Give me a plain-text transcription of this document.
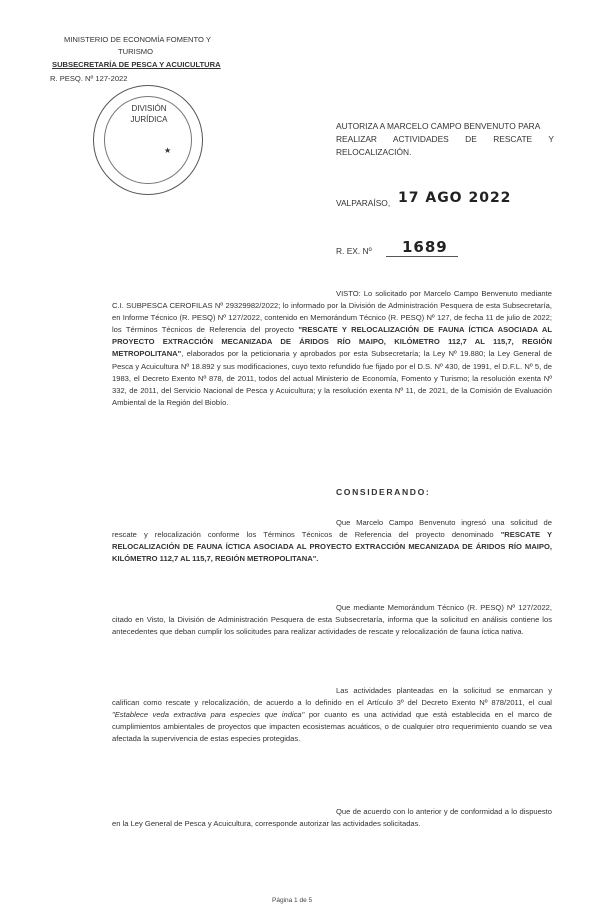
MINISTERIO DE ECONOMÍA FOMENTO Y
TURISMO
SUBSECRETARÍA DE PESCA Y ACUICULTURA
R. PESQ. Nº 127-2022
DIVISIÓN
JURÍDICA
★
AUTORIZA A MARCELO CAMPO BENVENUTO PARA
REALIZAR ACTIVIDADES DE RESCATE Y
RELOCALIZACIÓN.
VALPARAÍSO, 17 AGO 2022
R. EX. Nº 1689
VISTO: Lo solicitado por Marcelo Campo Benvenuto mediante C.I. SUBPESCA CEROFILAS Nº 29329982/2022; lo informado por la División de Administración Pesquera de esta Subsecretaría, en Informe Técnico (R. PESQ) Nº 127/2022, contenido en Memorándum Técnico (R. PESQ) Nº 127, de fecha 11 de julio de 2022; los Términos Técnicos de Referencia del proyecto "RESCATE Y RELOCALIZACIÓN DE FAUNA ÍCTICA ASOCIADA AL PROYECTO EXTRACCIÓN MECANIZADA DE ÁRIDOS RÍO MAIPO, KILÓMETRO 112,7 AL 115,7, REGIÓN METROPOLITANA", elaborados por la peticionaria y aprobados por esta Subsecretaría; la Ley Nº 19.880; la Ley General de Pesca y Acuicultura Nº 18.892 y sus modificaciones, cuyo texto refundido fue fijado por el D.S. Nº 430, de 1991, el D.F.L. Nº 5, de 1983, el Decreto Exento Nº 878, de 2011, todos del actual Ministerio de Economía, Fomento y Turismo; la resolución exenta Nº 332, de 2011, del Servicio Nacional de Pesca y Acuicultura; y la resolución exenta Nº 11, de 2021, de la Comisión de Evaluación Ambiental de la Región del Biobío.
CONSIDERANDO:
Que Marcelo Campo Benvenuto ingresó una solicitud de rescate y relocalización conforme los Términos Técnicos de Referencia del proyecto denominado "RESCATE Y RELOCALIZACIÓN DE FAUNA ÍCTICA ASOCIADA AL PROYECTO EXTRACCIÓN MECANIZADA DE ÁRIDOS RÍO MAIPO, KILÓMETRO 112,7 AL 115,7, REGIÓN METROPOLITANA".
Que mediante Memorándum Técnico (R. PESQ) Nº 127/2022, citado en Visto, la División de Administración Pesquera de esta Subsecretaría, informa que la solicitud en análisis contiene los antecedentes que deban cumplir los solicitudes para realizar actividades de rescate y relocalización de fauna íctica nativa.
Las actividades planteadas en la solicitud se enmarcan y califican como rescate y relocalización, de acuerdo a lo definido en el Artículo 3º del Decreto Exento Nº 878/2011, el cual "Establece veda extractiva para especies que indica" por cuanto es una actividad que está establecida en el marco de cumplimientos ambientales de proyectos que impacten ecosistemas acuáticos, o de cualquier otro requerimiento cuando se vea afectada la supervivencia de estas especies protegidas.
Que de acuerdo con lo anterior y de conformidad a lo dispuesto en la Ley General de Pesca y Acuicultura, corresponde autorizar las actividades solicitadas.
Página 1 de 5
